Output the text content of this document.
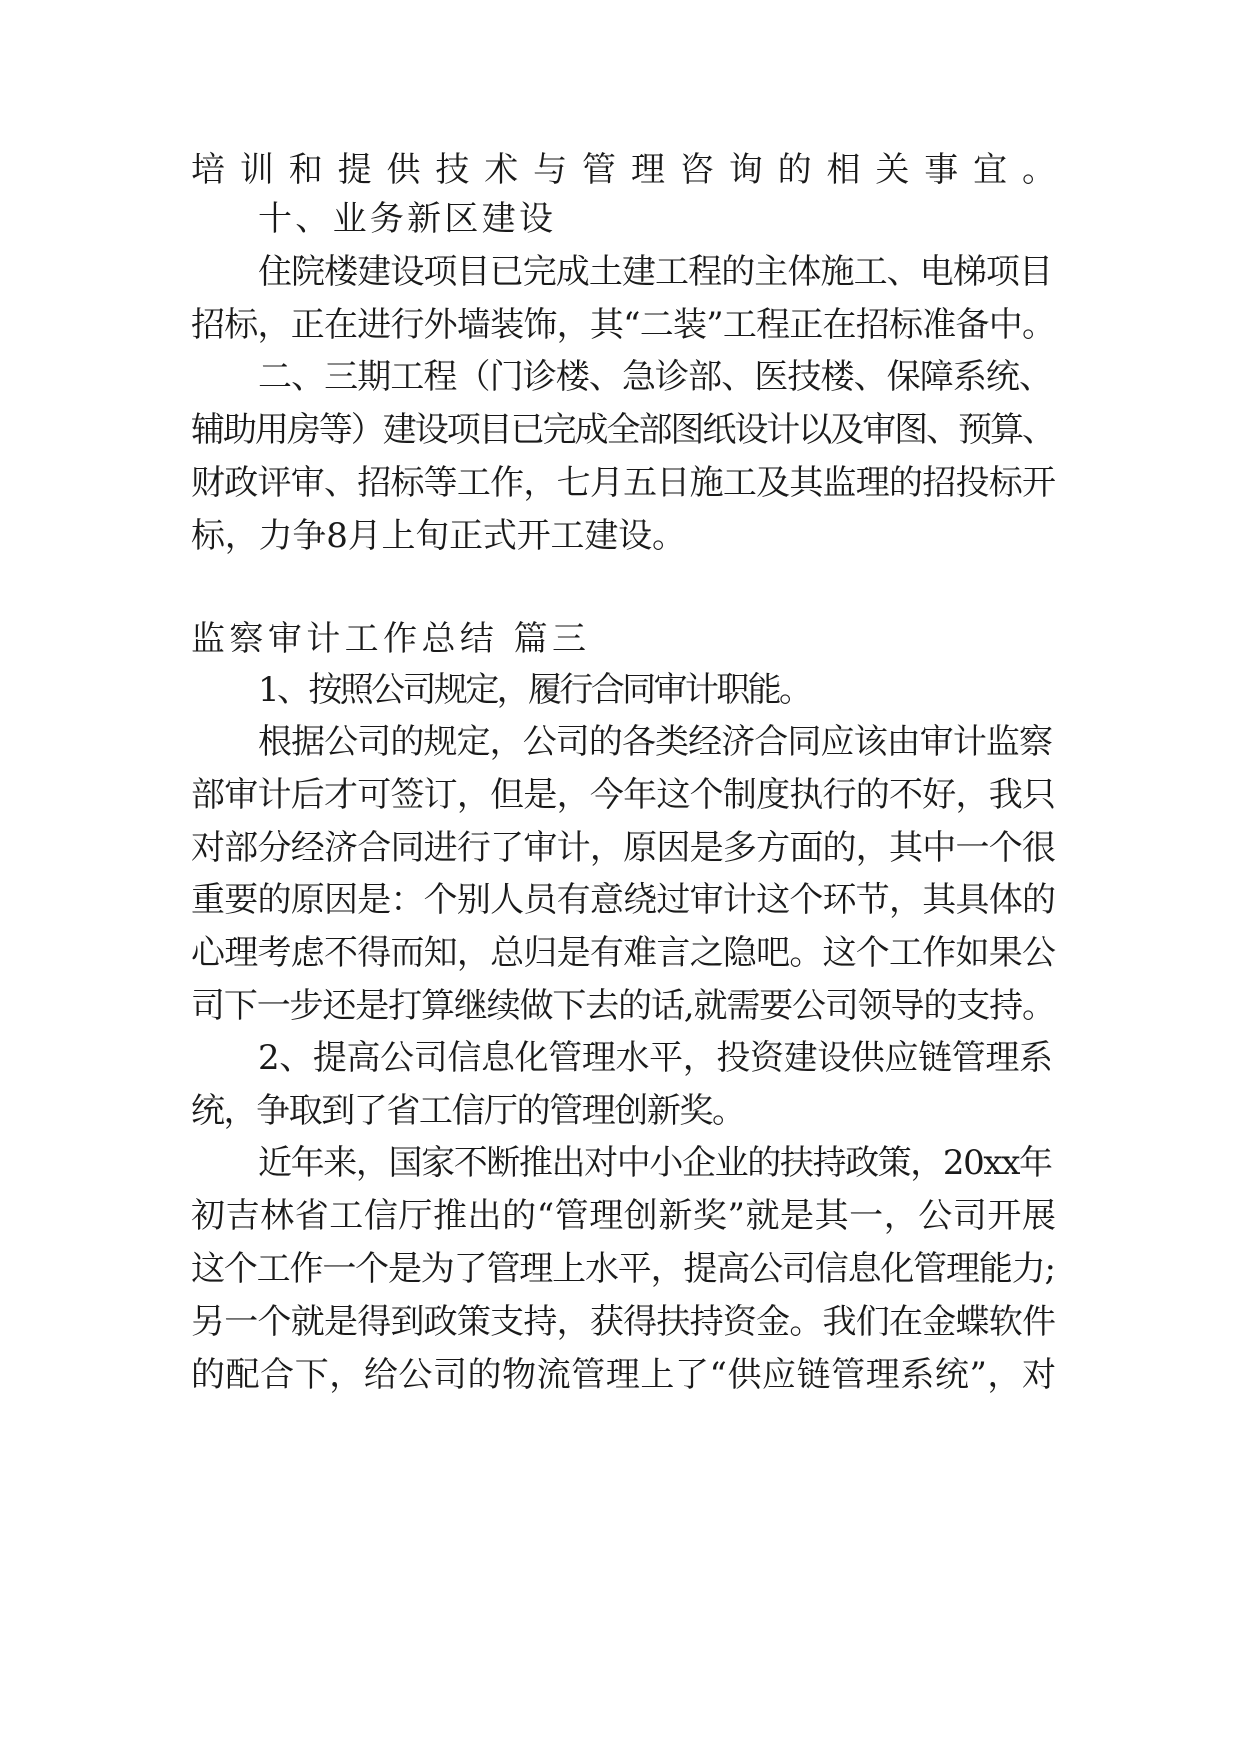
培训和提供技术与管理咨询的相关事宜。
十、业务新区建设
住院楼建设项目已完成土建工程的主体施工、电梯项目
招标，正在进行外墙装饰，其“二装”工程正在招标准备中。
二、三期工程（门诊楼、急诊部、医技楼、保障系统、
辅助用房等）建设项目已完成全部图纸设计以及审图、预算、
财政评审、招标等工作，七月五日施工及其监理的招投标开
标，力争8月上旬正式开工建设。
监察审计工作总结 篇三
1、按照公司规定，履行合同审计职能。
根据公司的规定，公司的各类经济合同应该由审计监察
部审计后才可签订，但是，今年这个制度执行的不好，我只
对部分经济合同进行了审计，原因是多方面的，其中一个很
重要的原因是：个别人员有意绕过审计这个环节，其具体的
心理考虑不得而知，总归是有难言之隐吧。这个工作如果公
司下一步还是打算继续做下去的话,就需要公司领导的支持。
2、提高公司信息化管理水平，投资建设供应链管理系
统，争取到了省工信厅的管理创新奖。
近年来，国家不断推出对中小企业的扶持政策，20xx年
初吉林省工信厅推出的“管理创新奖”就是其一，公司开展
这个工作一个是为了管理上水平，提高公司信息化管理能力;
另一个就是得到政策支持，获得扶持资金。我们在金蝶软件
的配合下，给公司的物流管理上了“供应链管理系统”，对
